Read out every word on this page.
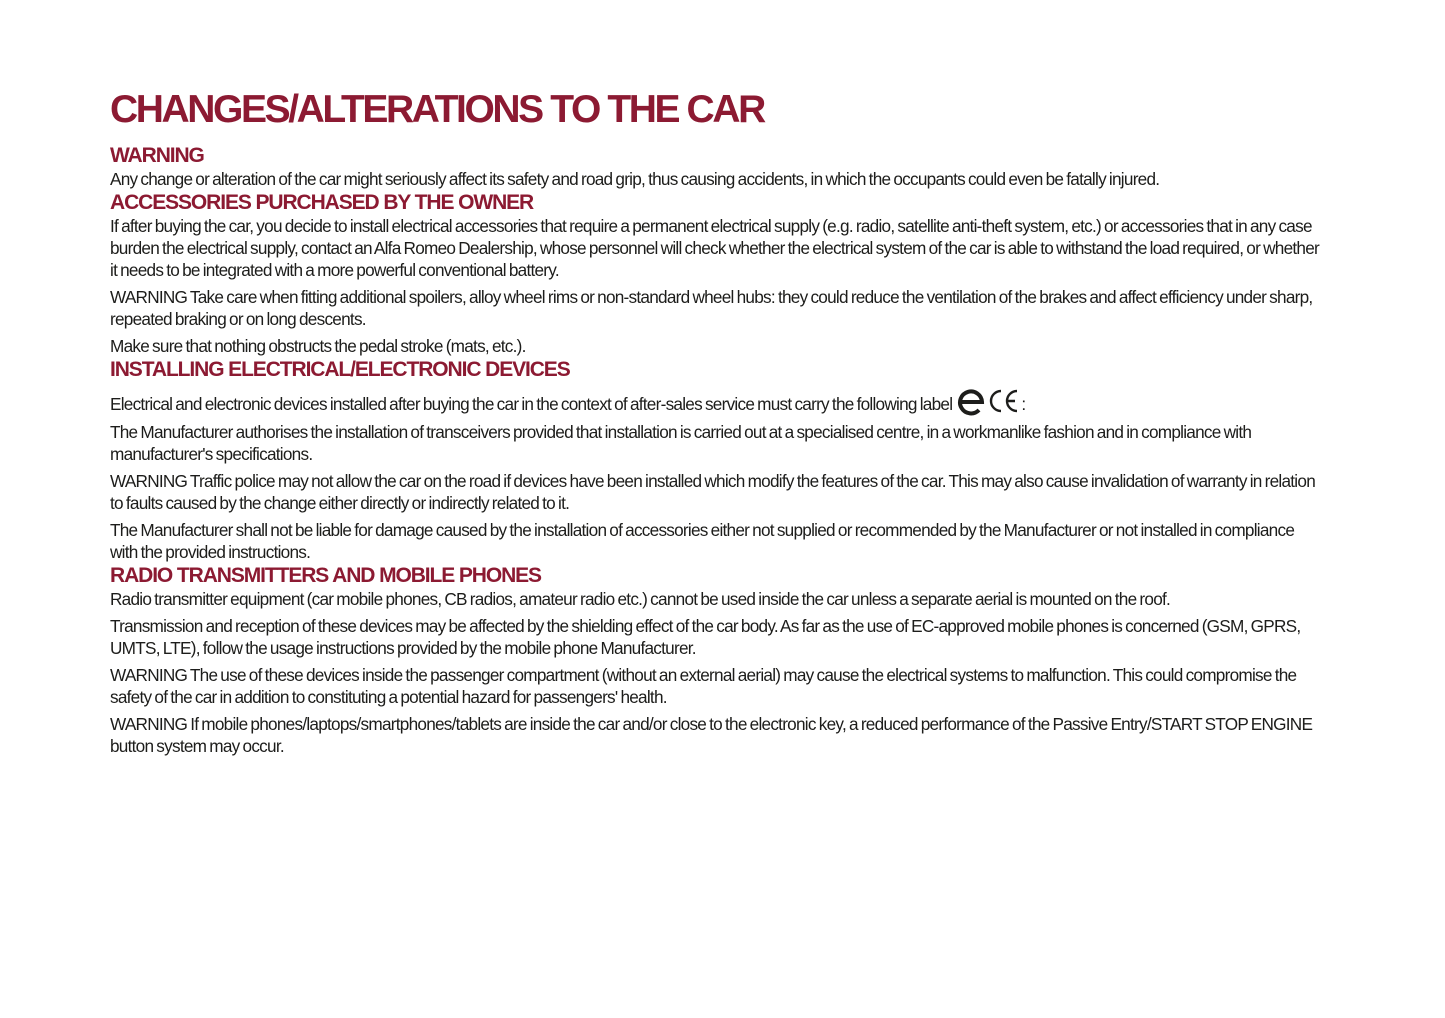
CHANGES/ALTERATIONS TO THE CAR
WARNING

Any change or alteration of the car might seriously affect its safety and road grip, thus causing accidents, in which the occupants could even be fatally injured.

ACCESSORIES PURCHASED BY THE OWNER

If after buying the car, you decide to install electrical accessories that require a permanent electrical supply (e.g. radio, satellite anti-theft system, etc.) or accessories that in any case burden the electrical supply, contact an Alfa Romeo Dealership, whose personnel will check whether the electrical system of the car is able to withstand the load required, or whether it needs to be integrated with a more powerful conventional battery.

WARNING Take care when fitting additional spoilers, alloy wheel rims or non-standard wheel hubs: they could reduce the ventilation of the brakes and affect efficiency under sharp, repeated braking or on long descents.

Make sure that nothing obstructs the pedal stroke (mats, etc.).

INSTALLING ELECTRICAL/ELECTRONIC DEVICES

Electrical and electronic devices installed after buying the car in the context of after-sales service must carry the following label	:

The Manufacturer authorises the installation of transceivers provided that installation is carried out at a specialised centre, in a workmanlike fashion and in compliance with manufacturer's specifications.

WARNING Traffic police may not allow the car on the road if devices have been installed which modify the features of the car. This may also cause invalidation of warranty in relation to faults caused by the change either directly or indirectly related to it.

The Manufacturer shall not be liable for damage caused by the installation of accessories either not supplied or recommended by the Manufacturer or not installed in compliance with the provided instructions.

RADIO TRANSMITTERS AND MOBILE PHONES

Radio transmitter equipment (car mobile phones, CB radios, amateur radio etc.) cannot be used inside the car unless a separate aerial is mounted on the roof.

Transmission and reception of these devices may be affected by the shielding effect of the car body. As far as the use of EC-approved mobile phones is concerned (GSM, GPRS, UMTS, LTE), follow the usage instructions provided by the mobile phone Manufacturer.

WARNING The use of these devices inside the passenger compartment (without an external aerial) may cause the electrical systems to malfunction. This could compromise the safety of the car in addition to constituting a potential hazard for passengers' health.

WARNING If mobile phones/laptops/smartphones/tablets are inside the car and/or close to the electronic key, a reduced performance of the Passive Entry/START STOP ENGINE button system may occur.
